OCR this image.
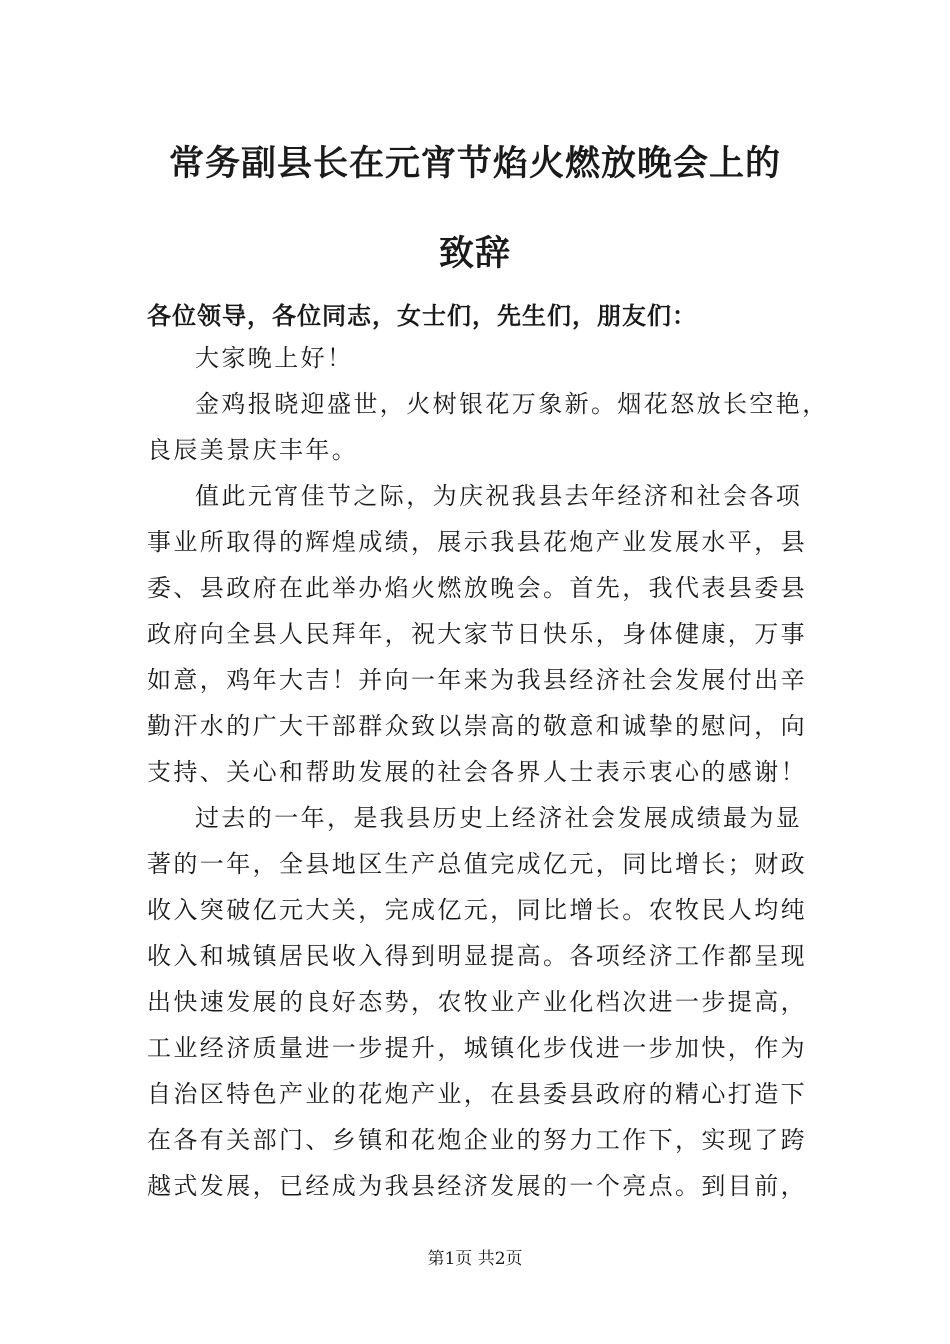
常务副县长在元宵节焰火燃放晚会上的
致辞
各位领导，各位同志，女士们，先生们，朋友们：
大家晚上好！
金鸡报晓迎盛世，火树银花万象新。烟花怒放长空艳，
良辰美景庆丰年。
值此元宵佳节之际，为庆祝我县去年经济和社会各项
事业所取得的辉煌成绩，展示我县花炮产业发展水平，县
委、县政府在此举办焰火燃放晚会。首先，我代表县委县
政府向全县人民拜年，祝大家节日快乐，身体健康，万事
如意，鸡年大吉！并向一年来为我县经济社会发展付出辛
勤汗水的广大干部群众致以崇高的敬意和诚挚的慰问，向
支持、关心和帮助发展的社会各界人士表示衷心的感谢！
过去的一年，是我县历史上经济社会发展成绩最为显
著的一年，全县地区生产总值完成亿元，同比增长；财政
收入突破亿元大关，完成亿元，同比增长。农牧民人均纯
收入和城镇居民收入得到明显提高。各项经济工作都呈现
出快速发展的良好态势，农牧业产业化档次进一步提高，
工业经济质量进一步提升，城镇化步伐进一步加快，作为
自治区特色产业的花炮产业，在县委县政府的精心打造下
在各有关部门、乡镇和花炮企业的努力工作下，实现了跨
越式发展，已经成为我县经济发展的一个亮点。到目前，
第1页 共2页
